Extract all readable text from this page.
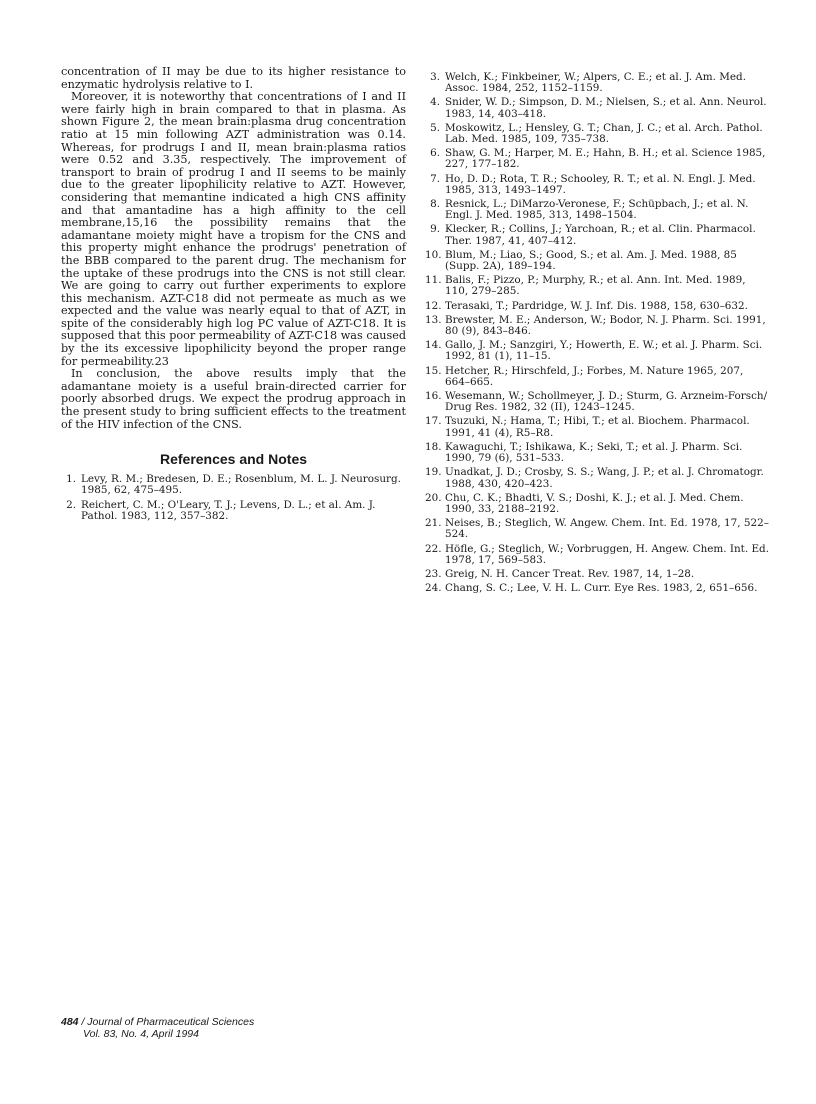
concentration of II may be due to its higher resistance to enzymatic hydrolysis relative to I.

Moreover, it is noteworthy that concentrations of I and II were fairly high in brain compared to that in plasma. As shown Figure 2, the mean brain:plasma drug concentration ratio at 15 min following AZT administration was 0.14. Whereas, for prodrugs I and II, mean brain:plasma ratios were 0.52 and 3.35, respectively. The improvement of transport to brain of prodrug I and II seems to be mainly due to the greater lipophilicity relative to AZT. However, considering that memantine indicated a high CNS affinity and that amantadine has a high affinity to the cell membrane,15,16 the possibility remains that the adamantane moiety might have a tropism for the CNS and this property might enhance the prodrugs' penetration of the BBB compared to the parent drug. The mechanism for the uptake of these prodrugs into the CNS is not still clear. We are going to carry out further experiments to explore this mechanism. AZT-C18 did not permeate as much as we expected and the value was nearly equal to that of AZT, in spite of the considerably high log PC value of AZT-C18. It is supposed that this poor permeability of AZT-C18 was caused by the its excessive lipophilicity beyond the proper range for permeability.23

In conclusion, the above results imply that the adamantane moiety is a useful brain-directed carrier for poorly absorbed drugs. We expect the prodrug approach in the present study to bring sufficient effects to the treatment of the HIV infection of the CNS.

References and Notes
1. Levy, R. M.; Bredesen, D. E.; Rosenblum, M. L. J. Neurosurg. 1985, 62, 475–495.
2. Reichert, C. M.; O'Leary, T. J.; Levens, D. L.; et al. Am. J. Pathol. 1983, 112, 357–382.
3. Welch, K.; Finkbeiner, W.; Alpers, C. E.; et al. J. Am. Med. Assoc. 1984, 252, 1152–1159.
4. Snider, W. D.; Simpson, D. M.; Nielsen, S.; et al. Ann. Neurol. 1983, 14, 403–418.
5. Moskowitz, L.; Hensley, G. T.; Chan, J. C.; et al. Arch. Pathol. Lab. Med. 1985, 109, 735–738.
6. Shaw, G. M.; Harper, M. E.; Hahn, B. H.; et al. Science 1985, 227, 177–182.
7. Ho, D. D.; Rota, T. R.; Schooley, R. T.; et al. N. Engl. J. Med. 1985, 313, 1493–1497.
8. Resnick, L.; DiMarzo-Veronese, F.; Schüpbach, J.; et al. N. Engl. J. Med. 1985, 313, 1498–1504.
9. Klecker, R.; Collins, J.; Yarchoan, R.; et al. Clin. Pharmacol. Ther. 1987, 41, 407–412.
10. Blum, M.; Liao, S.; Good, S.; et al. Am. J. Med. 1988, 85 (Supp. 2A), 189–194.
11. Balis, F.; Pizzo, P.; Murphy, R.; et al. Ann. Int. Med. 1989, 110, 279–285.
12. Terasaki, T.; Pardridge, W. J. Inf. Dis. 1988, 158, 630–632.
13. Brewster, M. E.; Anderson, W.; Bodor, N. J. Pharm. Sci. 1991, 80 (9), 843–846.
14. Gallo, J. M.; Sanzgiri, Y.; Howerth, E. W.; et al. J. Pharm. Sci. 1992, 81 (1), 11–15.
15. Hetcher, R.; Hirschfeld, J.; Forbes, M. Nature 1965, 207, 664–665.
16. Wesemann, W.; Schollmeyer, J. D.; Sturm, G. Arzneim-Forsch/ Drug Res. 1982, 32 (II), 1243–1245.
17. Tsuzuki, N.; Hama, T.; Hibi, T.; et al. Biochem. Pharmacol. 1991, 41 (4), R5–R8.
18. Kawaguchi, T.; Ishikawa, K.; Seki, T.; et al. J. Pharm. Sci. 1990, 79 (6), 531–533.
19. Unadkat, J. D.; Crosby, S. S.; Wang, J. P.; et al. J. Chromatogr. 1988, 430, 420–423.
20. Chu, C. K.; Bhadti, V. S.; Doshi, K. J.; et al. J. Med. Chem. 1990, 33, 2188–2192.
21. Neises, B.; Steglich, W. Angew. Chem. Int. Ed. 1978, 17, 522–524.
22. Höfle, G.; Steglich, W.; Vorbruggen, H. Angew. Chem. Int. Ed. 1978, 17, 569–583.
23. Greig, N. H. Cancer Treat. Rev. 1987, 14, 1–28.
24. Chang, S. C.; Lee, V. H. L. Curr. Eye Res. 1983, 2, 651–656.
484 / Journal of Pharmaceutical Sciences
Vol. 83, No. 4, April 1994
